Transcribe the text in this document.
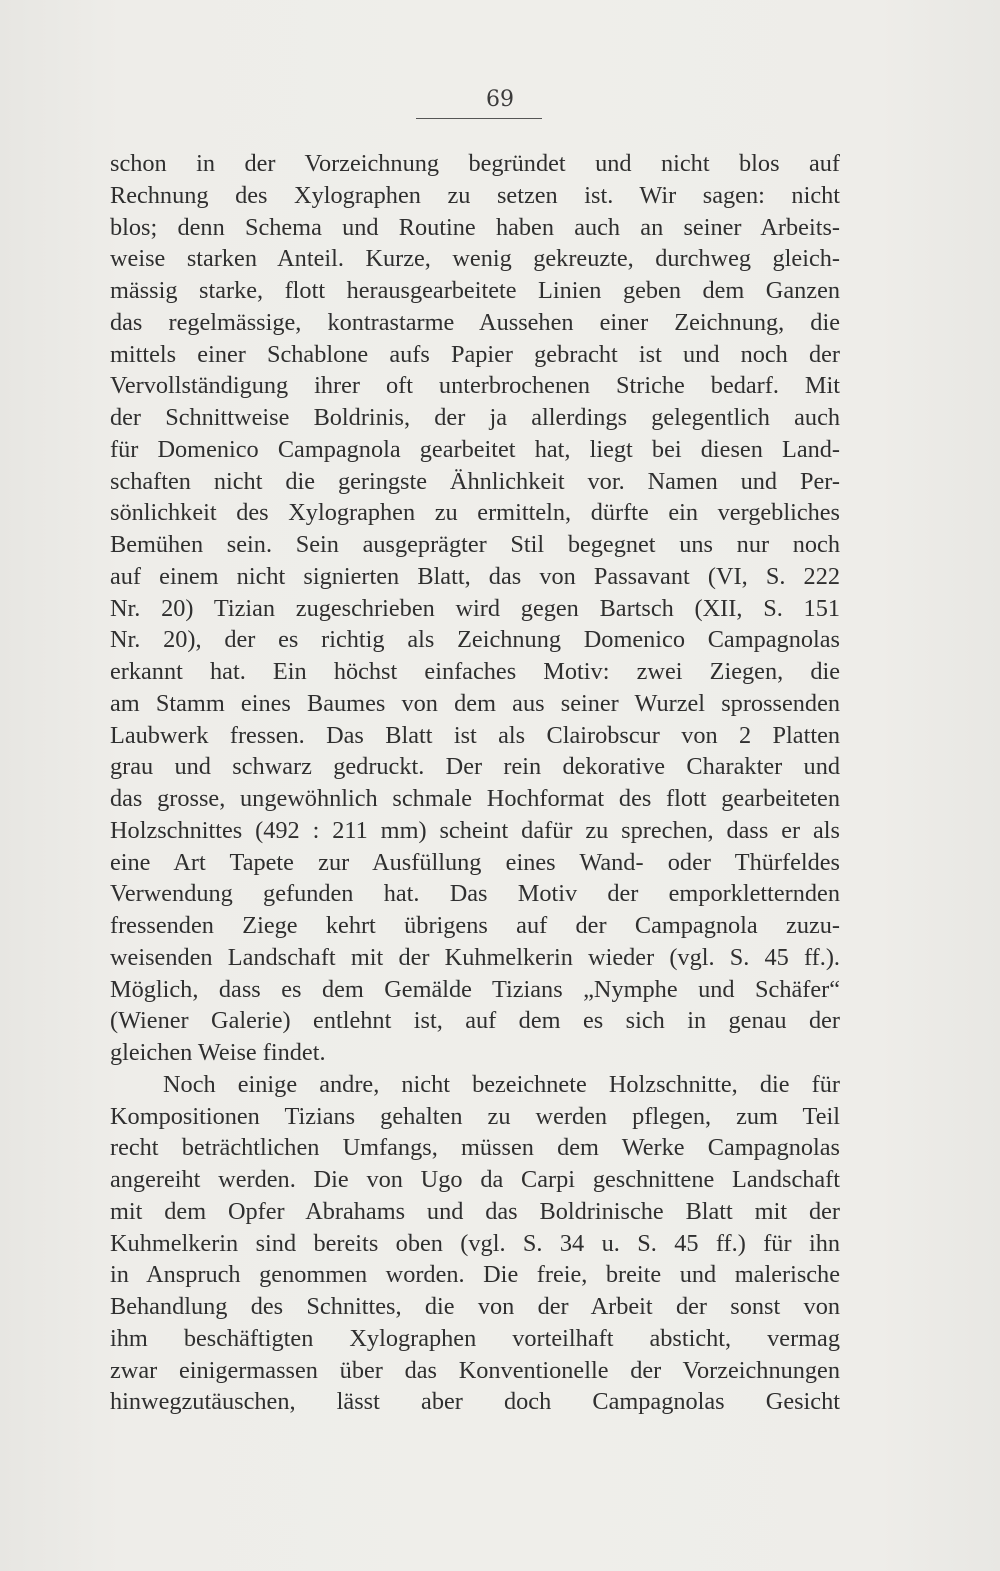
69
schon in der Vorzeichnung begründet und nicht blos auf
Rechnung des Xylographen zu setzen ist. Wir sagen: nicht
blos; denn Schema und Routine haben auch an seiner Arbeits-
weise starken Anteil. Kurze, wenig gekreuzte, durchweg gleich-
mässig starke, flott herausgearbeitete Linien geben dem Ganzen
das regelmässige, kontrastarme Aussehen einer Zeichnung, die
mittels einer Schablone aufs Papier gebracht ist und noch der
Vervollständigung ihrer oft unterbrochenen Striche bedarf. Mit
der Schnittweise Boldrinis, der ja allerdings gelegentlich auch
für Domenico Campagnola gearbeitet hat, liegt bei diesen Land-
schaften nicht die geringste Ähnlichkeit vor. Namen und Per-
sönlichkeit des Xylographen zu ermitteln, dürfte ein vergebliches
Bemühen sein. Sein ausgeprägter Stil begegnet uns nur noch
auf einem nicht signierten Blatt, das von Passavant (VI, S. 222
Nr. 20) Tizian zugeschrieben wird gegen Bartsch (XII, S. 151
Nr. 20), der es richtig als Zeichnung Domenico Campagnolas
erkannt hat. Ein höchst einfaches Motiv: zwei Ziegen, die
am Stamm eines Baumes von dem aus seiner Wurzel sprossenden
Laubwerk fressen. Das Blatt ist als Clairobscur von 2 Platten
grau und schwarz gedruckt. Der rein dekorative Charakter und
das grosse, ungewöhnlich schmale Hochformat des flott gearbeiteten
Holzschnittes (492 : 211 mm) scheint dafür zu sprechen, dass er als
eine Art Tapete zur Ausfüllung eines Wand- oder Thürfeldes
Verwendung gefunden hat. Das Motiv der emporkletternden
fressenden Ziege kehrt übrigens auf der Campagnola zuzu-
weisenden Landschaft mit der Kuhmelkerin wieder (vgl. S. 45 ff.).
Möglich, dass es dem Gemälde Tizians „Nymphe und Schäfer“
(Wiener Galerie) entlehnt ist, auf dem es sich in genau der
gleichen Weise findet.
Noch einige andre, nicht bezeichnete Holzschnitte, die für
Kompositionen Tizians gehalten zu werden pflegen, zum Teil
recht beträchtlichen Umfangs, müssen dem Werke Campagnolas
angereiht werden. Die von Ugo da Carpi geschnittene Landschaft
mit dem Opfer Abrahams und das Boldrinische Blatt mit der
Kuhmelkerin sind bereits oben (vgl. S. 34 u. S. 45 ff.) für ihn
in Anspruch genommen worden. Die freie, breite und malerische
Behandlung des Schnittes, die von der Arbeit der sonst von
ihm beschäftigten Xylographen vorteilhaft absticht, vermag
zwar einigermassen über das Konventionelle der Vorzeichnungen
hinwegzutäuschen, lässt aber doch Campagnolas Gesicht
